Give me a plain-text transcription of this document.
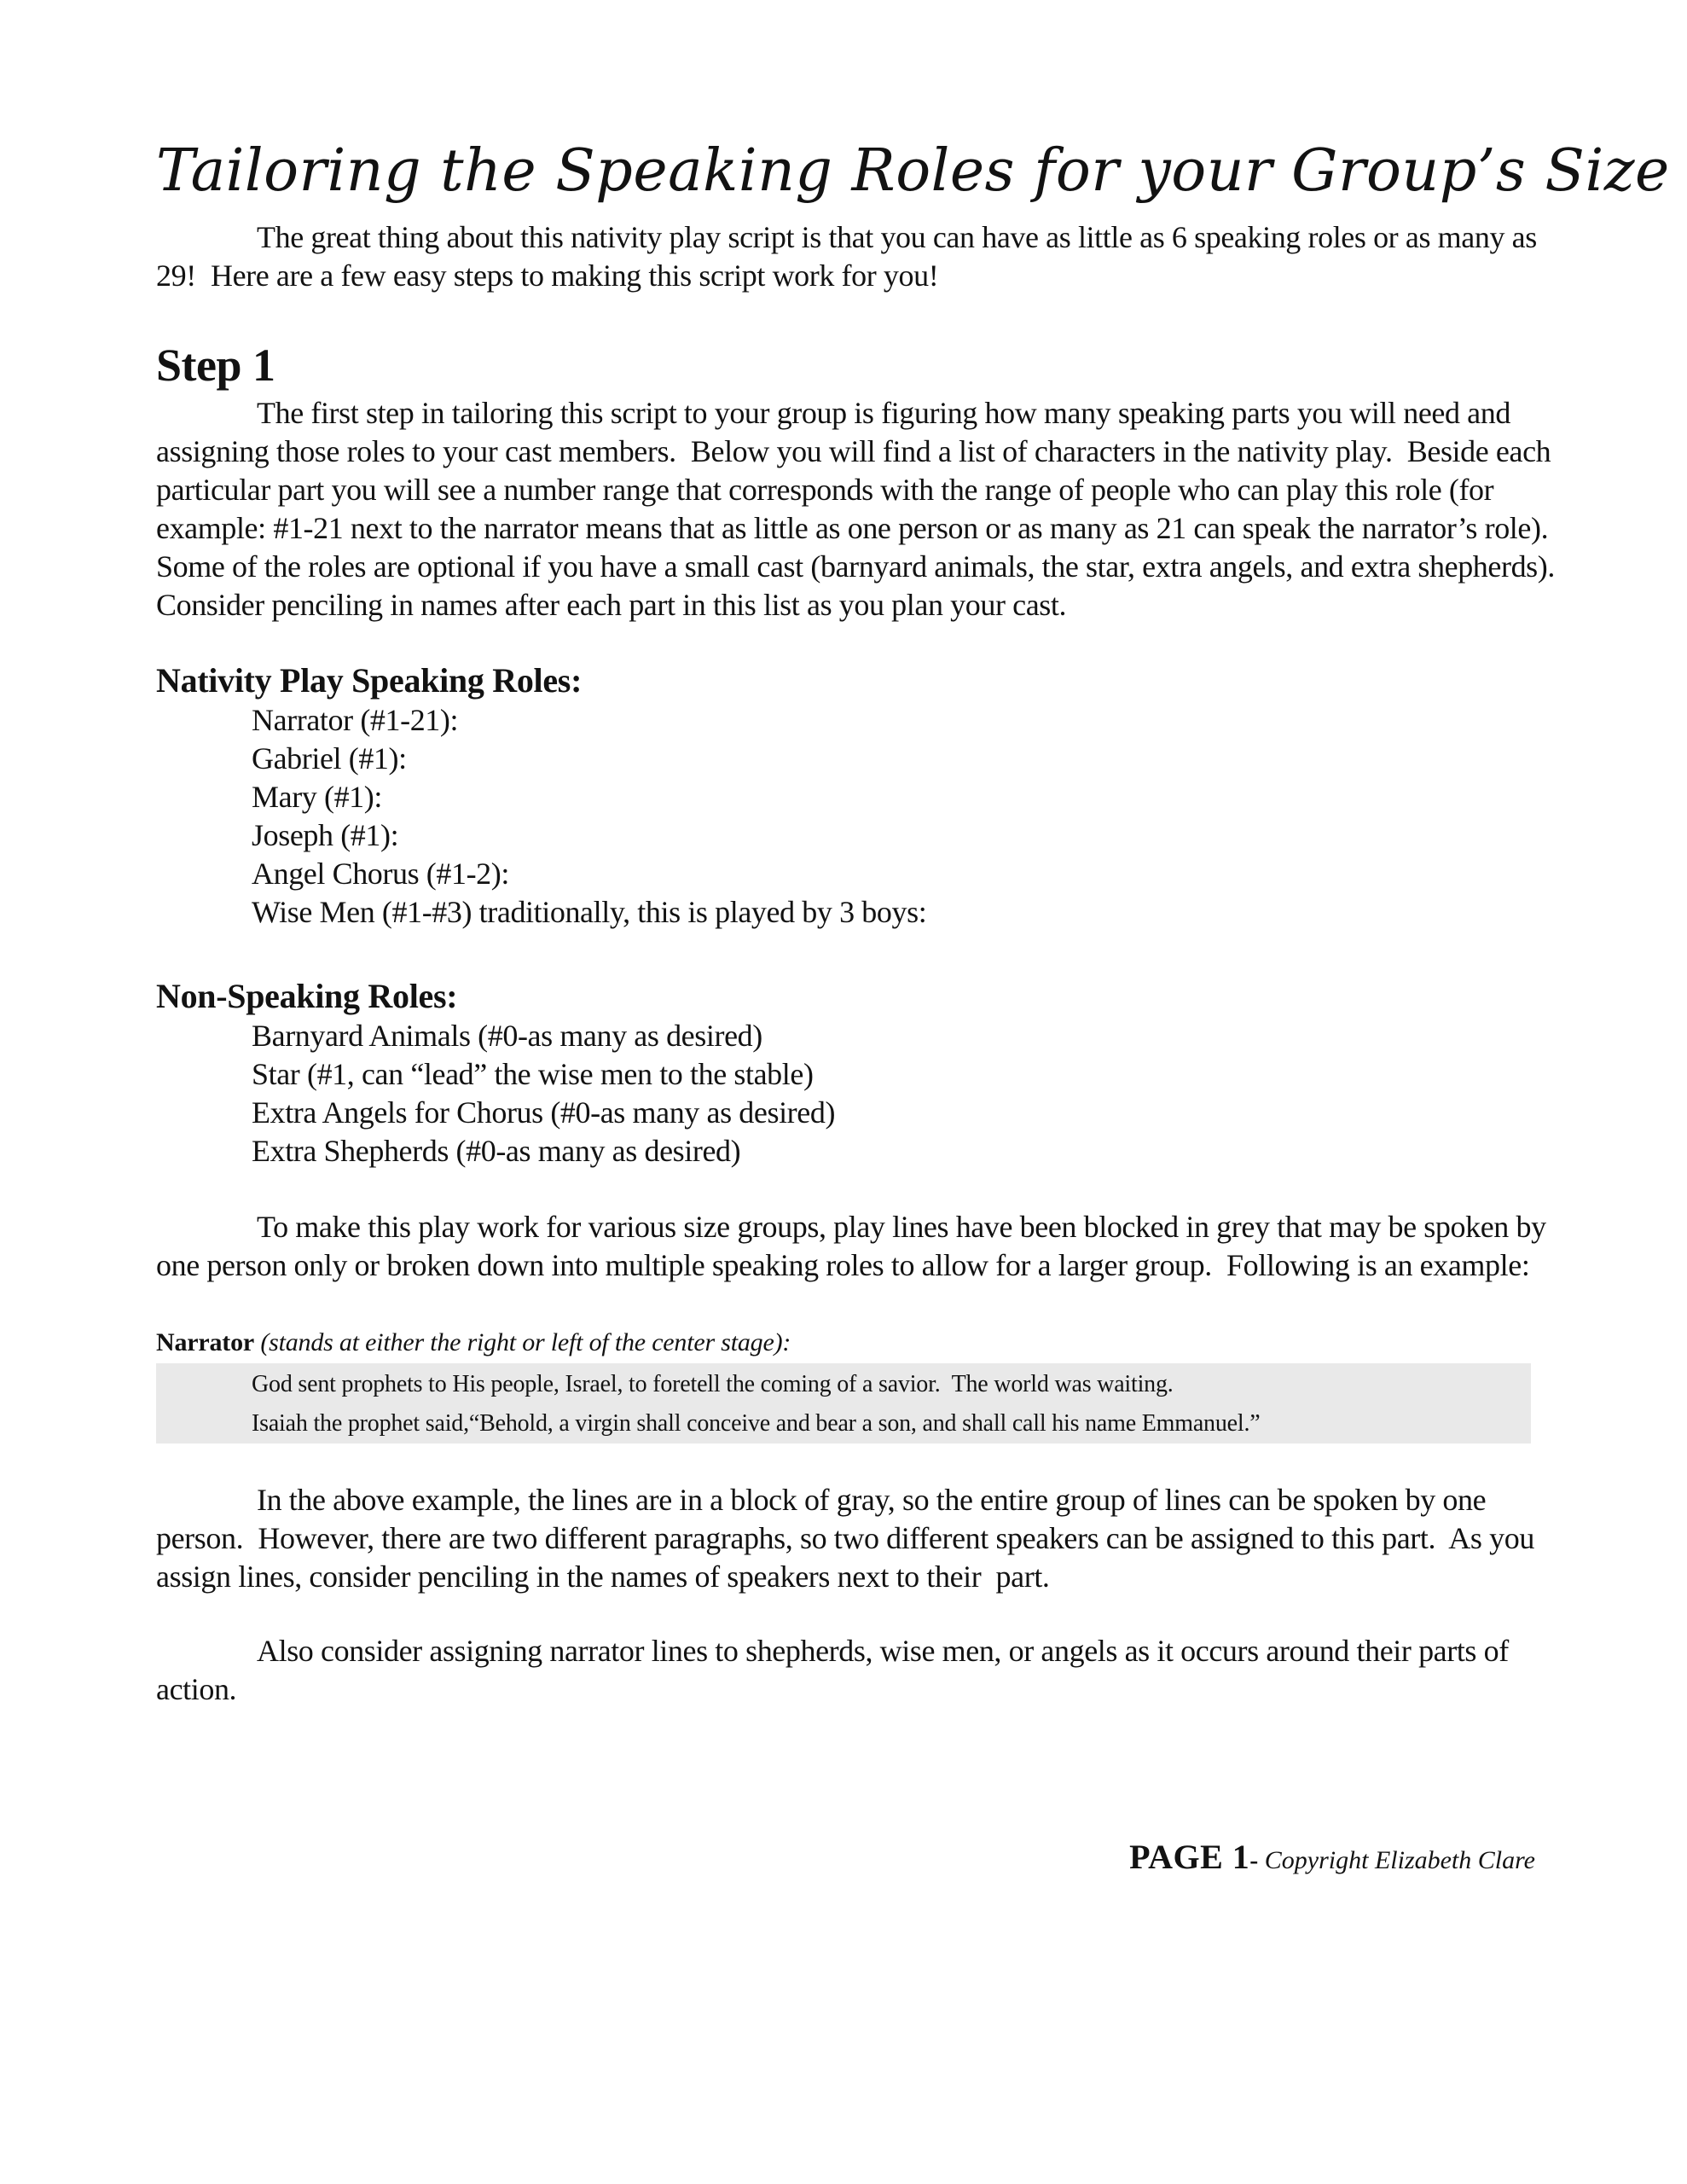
Tailoring the Speaking Roles for your Group’s Size

The great thing about this nativity play script is that you can have as little as 6 speaking roles or as many as 29!  Here are a few easy steps to making this script work for you!

Step 1

The first step in tailoring this script to your group is figuring how many speaking parts you will need and assigning those roles to your cast members.  Below you will find a list of characters in the nativity play.  Beside each particular part you will see a number range that corresponds with the range of people who can play this role (for example: #1-21 next to the narrator means that as little as one person or as many as 21 can speak the narrator’s role). Some of the roles are optional if you have a small cast (barnyard animals, the star, extra angels, and extra shepherds). Consider penciling in names after each part in this list as you plan your cast.

Nativity Play Speaking Roles:
Narrator (#1-21):
Gabriel (#1):
Mary (#1):
Joseph (#1):
Angel Chorus (#1-2):
Wise Men (#1-#3) traditionally, this is played by 3 boys:
Non-Speaking Roles:
Barnyard Animals (#0-as many as desired)
Star (#1, can “lead” the wise men to the stable)
Extra Angels for Chorus (#0-as many as desired)
Extra Shepherds (#0-as many as desired)

To make this play work for various size groups, play lines have been blocked in grey that may be spoken by one person only or broken down into multiple speaking roles to allow for a larger group.  Following is an example:

Narrator (stands at either the right or left of the center stage):
God sent prophets to His people, Israel, to foretell the coming of a savior.  The world was waiting.
Isaiah the prophet said,“Behold, a virgin shall conceive and bear a son, and shall call his name Emmanuel.”

In the above example, the lines are in a block of gray, so the entire group of lines can be spoken by one person.  However, there are two different paragraphs, so two different speakers can be assigned to this part.  As you assign lines, consider penciling in the names of speakers next to their  part.

Also consider assigning narrator lines to shepherds, wise men, or angels as it occurs around their parts of action.

PAGE 1- Copyright Elizabeth Clare
